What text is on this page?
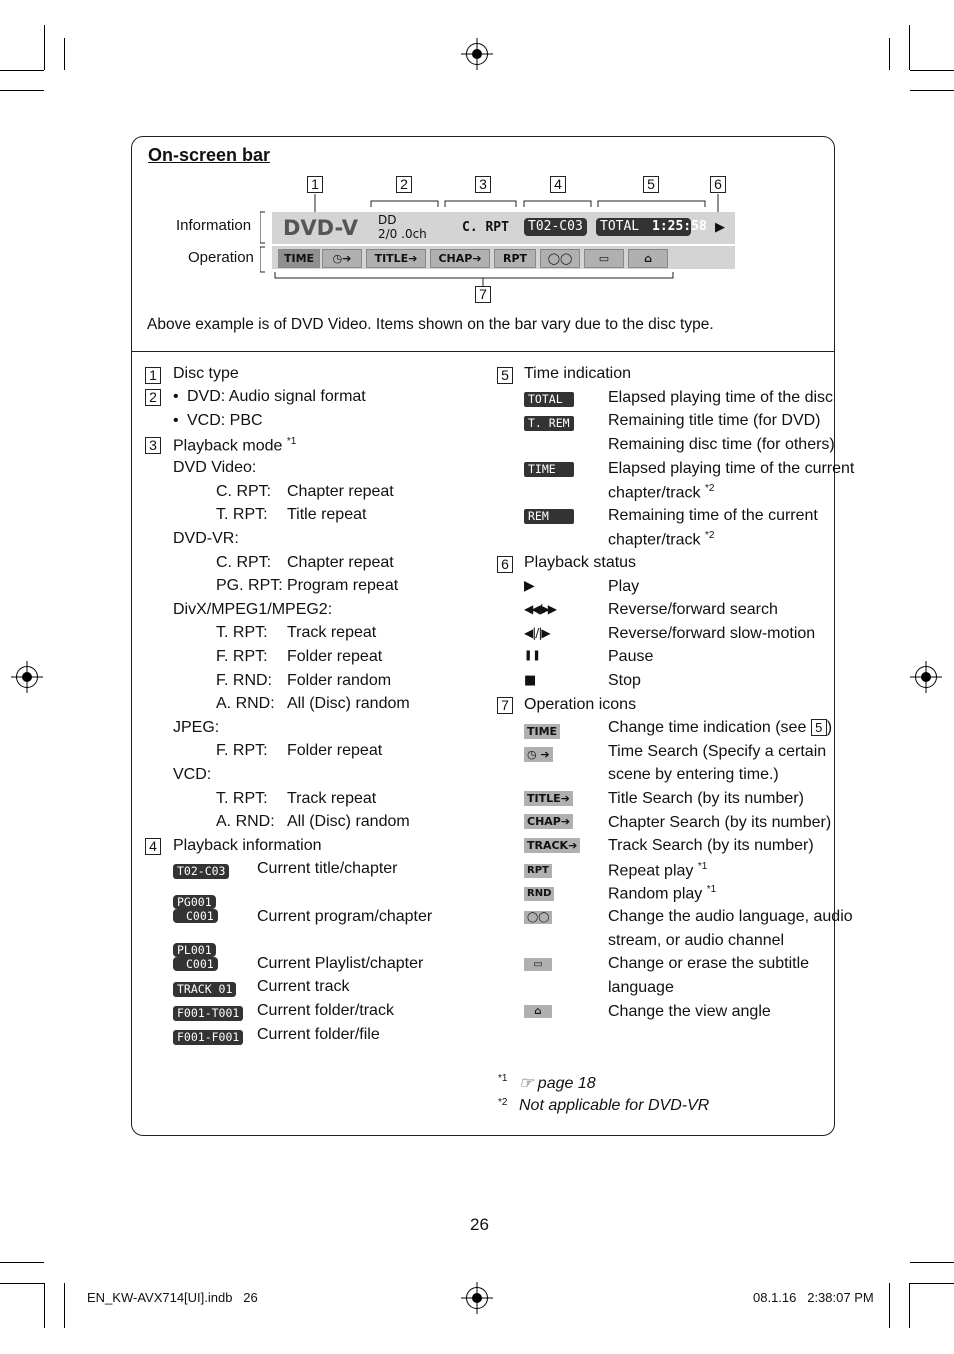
On-screen bar
1	2	3	4	5	6
7
Information
Operation
DVD-V DD
2/0 .0ch	C. RPT	T02-C03	TOTAL 1:25:58 ▶
TIME	◷➔	TITLE➔	CHAP➔	RPT	◯◯	▭	⌂
Above example is of DVD Video. Items shown on the bar vary due to the disc type.
1 Disc type
2 • DVD: Audio signal format
• VCD: PBC
3 Playback mode $^{*1}$
DVD Video:
C. RPT: Chapter repeat
T. RPT: Title repeat
DVD-VR:
C. RPT: Chapter repeat
PG. RPT: Program repeat
DivX/MPEG1/MPEG2:
T. RPT: Track repeat
F. RPT: Folder repeat
F. RND: Folder random
A. RND: All (Disc) random
JPEG:
F. RPT: Folder repeat
VCD:
T. RPT: Track repeat
A. RND: All (Disc) random
4 Playback information
T02-C03 Current title/chapter
PG001
C001	Current program/chapter
PL001
C001	Current Playlist/chapter
TRACK 01 Current track
F001-T001 Current folder/track
F001-F001 Current folder/file
5 Time indication
TOTAL	Elapsed playing time of the disc
T. REM Remaining title time (for DVD)
Remaining disc time (for others)
TIME	Elapsed playing time of the current
chapter/track $^{*2}$
REM	Remaining time of the current
chapter/track $^{*2}$
6 Playback status
▶	Play
◀◀/▶▶	Reverse/forward search
◀|/|▶	Reverse/forward slow-motion
❚❚	Pause
■	Stop
7 Operation icons
TIME	Change time indication (see 5 )
◷ ➔	Time Search (Specify a certain
scene by entering time.)
TITLE➔ Title Search (by its number)
CHAP➔ Chapter Search (by its number)
TRACK➔ Track Search (by its number)
RPT	Repeat play $^{*1}$
RND	Random play $^{*1}$
◯◯	Change the audio language, audio
stream, or audio channel
▭	Change or erase the subtitle
language
⌂	Change the view angle
*1 ☞ page 18
*2 Not applicable for DVD-VR
26
EN_KW-AVX714[UI].indb   26	08.1.16   2:38:07 PM
